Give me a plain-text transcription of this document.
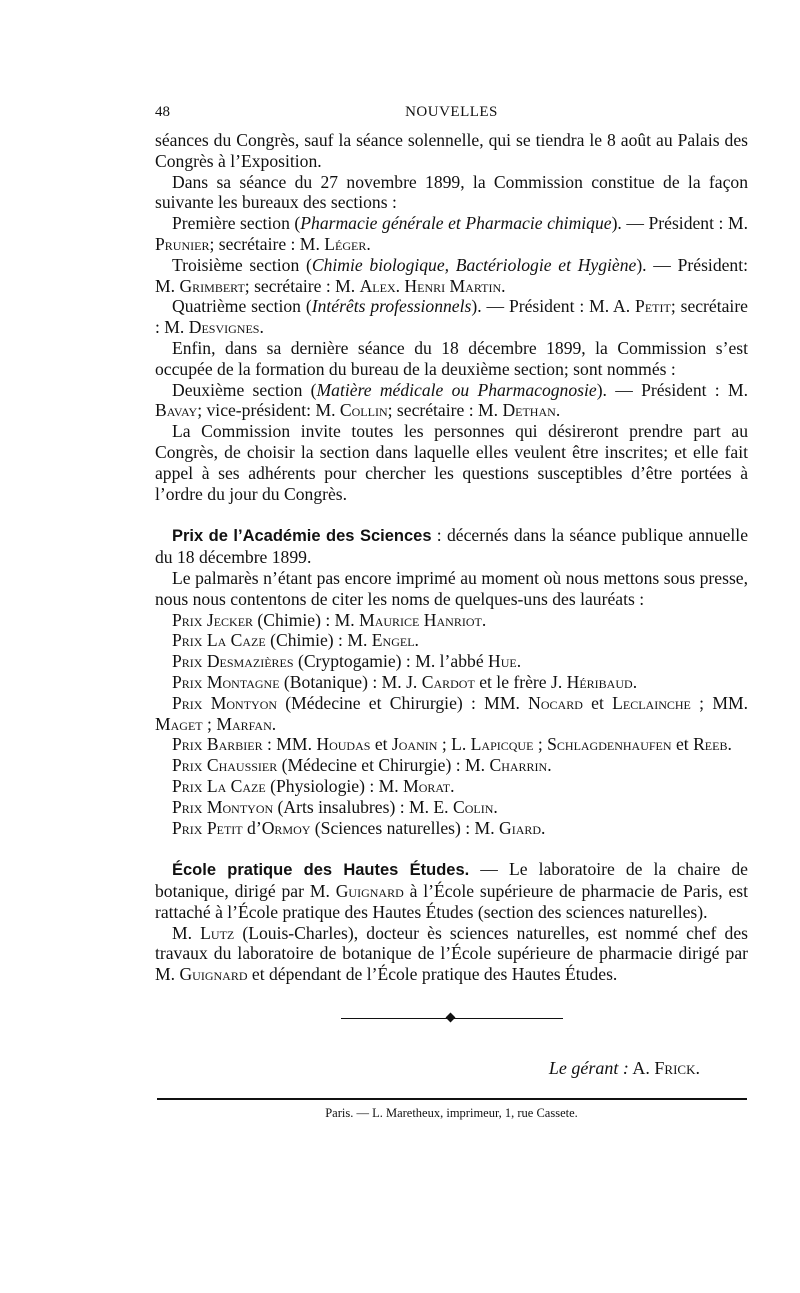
48	NOUVELLES

séances du Congrès, sauf la séance solennelle, qui se tiendra le 8 août au Palais des Congrès à l’Exposition.

Dans sa séance du 27 novembre 1899, la Commission constitue de la façon suivante les bureaux des sections :

Première section (Pharmacie générale et Pharmacie chimique). — Président : M. Prunier; secrétaire : M. Léger.

Troisième section (Chimie biologique, Bactériologie et Hygiène). — Président: M. Grimbert; secrétaire : M. Alex. Henri Martin.

Quatrième section (Intérêts professionnels). — Président : M. A. Petit; secrétaire : M. Desvignes.

Enfin, dans sa dernière séance du 18 décembre 1899, la Commission s’est occupée de la formation du bureau de la deuxième section; sont nommés :

Deuxième section (Matière médicale ou Pharmacognosie). — Président : M. Bavay; vice-président: M. Collin; secrétaire : M. Dethan.

La Commission invite toutes les personnes qui désireront prendre part au Congrès, de choisir la section dans laquelle elles veulent être inscrites; et elle fait appel à ses adhérents pour chercher les questions susceptibles d’être portées à l’ordre du jour du Congrès.

Prix de l’Académie des Sciences : décernés dans la séance publique annuelle du 18 décembre 1899.

Le palmarès n’étant pas encore imprimé au moment où nous mettons sous presse, nous nous contentons de citer les noms de quelques-uns des lauréats :

Prix Jecker (Chimie) : M. Maurice Hanriot.

Prix La Caze (Chimie) : M. Engel.

Prix Desmazières (Cryptogamie) : M. l’abbé Hue.

Prix Montagne (Botanique) : M. J. Cardot et le frère J. Héribaud.

Prix Montyon (Médecine et Chirurgie) : MM. Nocard et Leclainche ; MM. Maget ; Marfan.

Prix Barbier : MM. Houdas et Joanin ; L. Lapicque ; Schlagdenhaufen et Reeb.

Prix Chaussier (Médecine et Chirurgie) : M. Charrin.

Prix La Caze (Physiologie) : M. Morat.

Prix Montyon (Arts insalubres) : M. E. Colin.

Prix Petit d’Ormoy (Sciences naturelles) : M. Giard.

École pratique des Hautes Études. — Le laboratoire de la chaire de botanique, dirigé par M. Guignard à l’École supérieure de pharmacie de Paris, est rattaché à l’École pratique des Hautes Études (section des sciences naturelles).

M. Lutz (Louis-Charles), docteur ès sciences naturelles, est nommé chef des travaux du laboratoire de botanique de l’École supérieure de pharmacie dirigé par M. Guignard et dépendant de l’École pratique des Hautes Études.

Le gérant : A. Frick.
Paris. — L. Maretheux, imprimeur, 1, rue Cassete.
